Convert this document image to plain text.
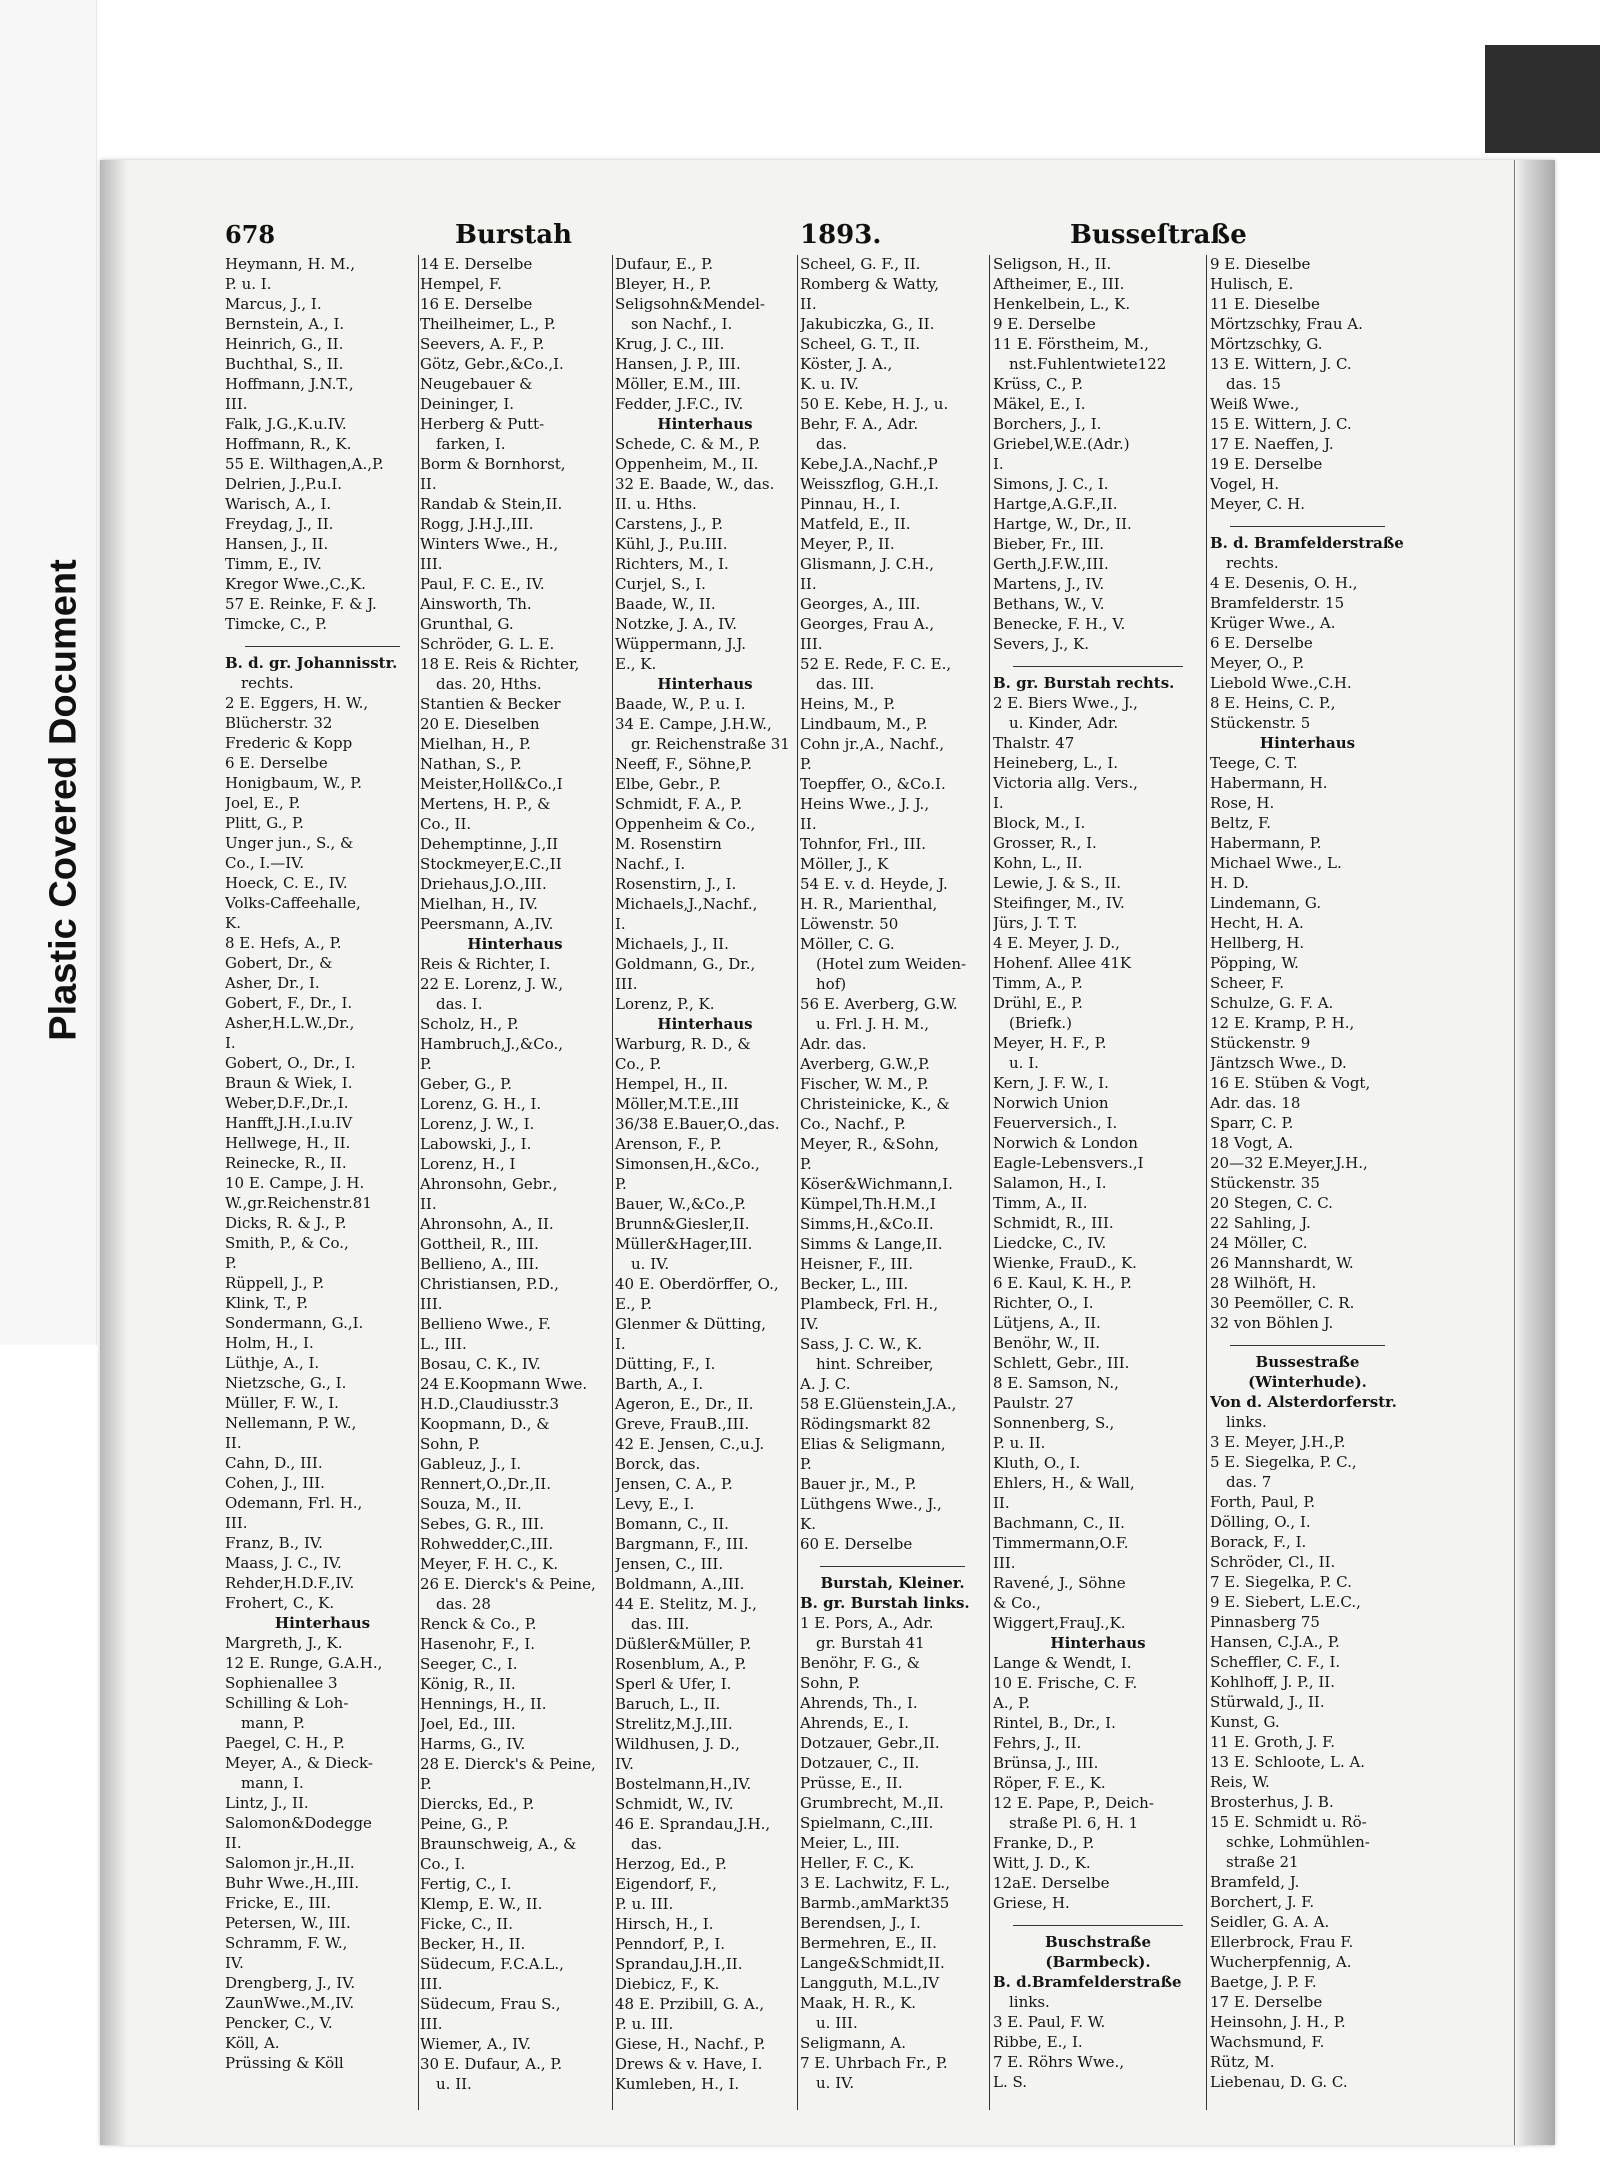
Plastic Covered Document
678	Burstah	1893.	Busseſtraße
Heymann, H. M.,
P. u. I.
Marcus, J., I.
Bernstein, A., I.
Heinrich, G., II.
Buchthal, S., II.
Hoffmann, J.N.T.,
III.
Falk, J.G.,K.u.IV.
Hoffmann, R., K.
55 E. Wilthagen,A.,P.
Delrien, J.,P.u.I.
Warisch, A., I.
Freydag, J., II.
Hansen, J., II.
Timm, E., IV.
Kregor Wwe.,C.,K.
57 E. Reinke, F. & J.
Timcke, C., P.
B. d. gr. Johannisstr.
rechts.
2 E. Eggers, H. W.,
Blücherstr. 32
Frederic & Kopp
6 E. Derselbe
Honigbaum, W., P.
Joel, E., P.
Plitt, G., P.
Unger jun., S., &
Co., I.—IV.
Hoeck, C. E., IV.
Volks-Caffeehalle,
K.
8 E. Hefs, A., P.
Gobert, Dr., &
Asher, Dr., I.
Gobert, F., Dr., I.
Asher,H.L.W.,Dr.,
I.
Gobert, O., Dr., I.
Braun & Wiek, I.
Weber,D.F.,Dr.,I.
Hanfft,J.H.,I.u.IV
Hellwege, H., II.
Reinecke, R., II.
10 E. Campe, J. H.
W.,gr.Reichenstr.81
Dicks, R. & J., P.
Smith, P., & Co.,
P.
Rüppell, J., P.
Klink, T., P.
Sondermann, G.,I.
Holm, H., I.
Lüthje, A., I.
Nietzsche, G., I.
Müller, F. W., I.
Nellemann, P. W.,
II.
Cahn, D., III.
Cohen, J., III.
Odemann, Frl. H.,
III.
Franz, B., IV.
Maass, J. C., IV.
Rehder,H.D.F.,IV.
Frohert, C., K.
Hinterhaus
Margreth, J., K.
12 E. Runge, G.A.H.,
Sophienallee 3
Schilling & Loh-
mann, P.
Paegel, C. H., P.
Meyer, A., & Dieck-
mann, I.
Lintz, J., II.
Salomon&Dodegge
II.
Salomon jr.,H.,II.
Buhr Wwe.,H.,III.
Fricke, E., III.
Petersen, W., III.
Schramm, F. W.,
IV.
Drengberg, J., IV.
ZaunWwe.,M.,IV.
Pencker, C., V.
Köll, A.
Prüssing & Köll
14 E. Derselbe
Hempel, F.
16 E. Derselbe
Theilheimer, L., P.
Seevers, A. F., P.
Götz, Gebr.,&Co.,I.
Neugebauer &
Deininger, I.
Herberg & Putt-
farken, I.
Borm & Bornhorst,
II.
Randab & Stein,II.
Rogg, J.H.J.,III.
Winters Wwe., H.,
III.
Paul, F. C. E., IV.
Ainsworth, Th.
Grunthal, G.
Schröder, G. L. E.
18 E. Reis & Richter,
das. 20, Hths.
Stantien & Becker
20 E. Dieselben
Mielhan, H., P.
Nathan, S., P.
Meister,Holl&Co.,I
Mertens, H. P., &
Co., II.
Dehemptinne, J.,II
Stockmeyer,E.C.,II
Driehaus,J.O.,III.
Mielhan, H., IV.
Peersmann, A.,IV.
Hinterhaus
Reis & Richter, I.
22 E. Lorenz, J. W.,
das. I.
Scholz, H., P.
Hambruch,J.,&Co.,
P.
Geber, G., P.
Lorenz, G. H., I.
Lorenz, J. W., I.
Labowski, J., I.
Lorenz, H., I
Ahronsohn, Gebr.,
II.
Ahronsohn, A., II.
Gottheil, R., III.
Bellieno, A., III.
Christiansen, P.D.,
III.
Bellieno Wwe., F.
L., III.
Bosau, C. K., IV.
24 E.Koopmann Wwe.
H.D.,Claudiusstr.3
Koopmann, D., &
Sohn, P.
Gableuz, J., I.
Rennert,O.,Dr.,II.
Souza, M., II.
Sebes, G. R., III.
Rohwedder,C.,III.
Meyer, F. H. C., K.
26 E. Dierck's & Peine,
das. 28
Renck & Co., P.
Hasenohr, F., I.
Seeger, C., I.
König, R., II.
Hennings, H., II.
Joel, Ed., III.
Harms, G., IV.
28 E. Dierck's & Peine,
P.
Diercks, Ed., P.
Peine, G., P.
Braunschweig, A., &
Co., I.
Fertig, C., I.
Klemp, E. W., II.
Ficke, C., II.
Becker, H., II.
Südecum, F.C.A.L.,
III.
Südecum, Frau S.,
III.
Wiemer, A., IV.
30 E. Dufaur, A., P.
u. II.
Dufaur, E., P.
Bleyer, H., P.
Seligsohn&Mendel-
son Nachf., I.
Krug, J. C., III.
Hansen, J. P., III.
Möller, E.M., III.
Fedder, J.F.C., IV.
Hinterhaus
Schede, C. & M., P.
Oppenheim, M., II.
32 E. Baade, W., das.
II. u. Hths.
Carstens, J., P.
Kühl, J., P.u.III.
Richters, M., I.
Curjel, S., I.
Baade, W., II.
Notzke, J. A., IV.
Wüppermann, J.J.
E., K.
Hinterhaus
Baade, W., P. u. I.
34 E. Campe, J.H.W.,
gr. Reichenstraße 31
Neeff, F., Söhne,P.
Elbe, Gebr., P.
Schmidt, F. A., P.
Oppenheim & Co.,
M. Rosenstirn
Nachf., I.
Rosenstirn, J., I.
Michaels,J.,Nachf.,
I.
Michaels, J., II.
Goldmann, G., Dr.,
III.
Lorenz, P., K.
Hinterhaus
Warburg, R. D., &
Co., P.
Hempel, H., II.
Möller,M.T.E.,III
36/38 E.Bauer,O.,das.
Arenson, F., P.
Simonsen,H.,&Co.,
P.
Bauer, W.,&Co.,P.
Brunn&Giesler,II.
Müller&Hager,III.
u. IV.
40 E. Oberdörffer, O.,
E., P.
Glenmer & Dütting,
I.
Dütting, F., I.
Barth, A., I.
Ageron, E., Dr., II.
Greve, FrauB.,III.
42 E. Jensen, C.,u.J.
Borck, das.
Jensen, C. A., P.
Levy, E., I.
Bomann, C., II.
Bargmann, F., III.
Jensen, C., III.
Boldmann, A.,III.
44 E. Stelitz, M. J.,
das. III.
Düßler&Müller, P.
Rosenblum, A., P.
Sperl & Ufer, I.
Baruch, L., II.
Strelitz,M.J.,III.
Wildhusen, J. D.,
IV.
Bostelmann,H.,IV.
Schmidt, W., IV.
46 E. Sprandau,J.H.,
das.
Herzog, Ed., P.
Eigendorf, F.,
P. u. III.
Hirsch, H., I.
Penndorf, P., I.
Sprandau,J.H.,II.
Diebicz, F., K.
48 E. Przibill, G. A.,
P. u. III.
Giese, H., Nachf., P.
Drews & v. Have, I.
Kumleben, H., I.
Scheel, G. F., II.
Romberg & Watty,
II.
Jakubiczka, G., II.
Scheel, G. T., II.
Köster, J. A.,
K. u. IV.
50 E. Kebe, H. J., u.
Behr, F. A., Adr.
das.
Kebe,J.A.,Nachf.,P
Weisszflog, G.H.,I.
Pinnau, H., I.
Matfeld, E., II.
Meyer, P., II.
Glismann, J. C.H.,
II.
Georges, A., III.
Georges, Frau A.,
III.
52 E. Rede, F. C. E.,
das. III.
Heins, M., P.
Lindbaum, M., P.
Cohn jr.,A., Nachf.,
P.
Toepffer, O., &Co.I.
Heins Wwe., J. J.,
II.
Tohnfor, Frl., III.
Möller, J., K
54 E. v. d. Heyde, J.
H. R., Marienthal,
Löwenstr. 50
Möller, C. G.
(Hotel zum Weiden-
hof)
56 E. Averberg, G.W.
u. Frl. J. H. M.,
Adr. das.
Averberg, G.W.,P.
Fischer, W. M., P.
Christeinicke, K., &
Co., Nachf., P.
Meyer, R., &Sohn,
P.
Köser&Wichmann,I.
Kümpel,Th.H.M.,I
Simms,H.,&Co.II.
Simms & Lange,II.
Heisner, F., III.
Becker, L., III.
Plambeck, Frl. H.,
IV.
Sass, J. C. W., K.
hint. Schreiber,
A. J. C.
58 E.Glüenstein,J.A.,
Rödingsmarkt 82
Elias & Seligmann,
P.
Bauer jr., M., P.
Lüthgens Wwe., J.,
K.
60 E. Derselbe
Burstah, Kleiner.
B. gr. Burstah links.
1 E. Pors, A., Adr.
gr. Burstah 41
Benöhr, F. G., &
Sohn, P.
Ahrends, Th., I.
Ahrends, E., I.
Dotzauer, Gebr.,II.
Dotzauer, C., II.
Prüsse, E., II.
Grumbrecht, M.,II.
Spielmann, C.,III.
Meier, L., III.
Heller, F. C., K.
3 E. Lachwitz, F. L.,
Barmb.,amMarkt35
Berendsen, J., I.
Bermehren, E., II.
Lange&Schmidt,II.
Langguth, M.L.,IV
Maak, H. R., K.
u. III.
Seligmann, A.
7 E. Uhrbach Fr., P.
u. IV.
Seligson, H., II.
Aftheimer, E., III.
Henkelbein, L., K.
9 E. Derselbe
11 E. Förstheim, M.,
nst.Fuhlentwiete122
Krüss, C., P.
Mäkel, E., I.
Borchers, J., I.
Griebel,W.E.(Adr.)
I.
Simons, J. C., I.
Hartge,A.G.F.,II.
Hartge, W., Dr., II.
Bieber, Fr., III.
Gerth,J.F.W.,III.
Martens, J., IV.
Bethans, W., V.
Benecke, F. H., V.
Severs, J., K.
B. gr. Burstah rechts.
2 E. Biers Wwe., J.,
u. Kinder, Adr.
Thalstr. 47
Heineberg, L., I.
Victoria allg. Vers.,
I.
Block, M., I.
Grosser, R., I.
Kohn, L., II.
Lewie, J. & S., II.
Steifinger, M., IV.
Jürs, J. T. T.
4 E. Meyer, J. D.,
Hohenf. Allee 41K
Timm, A., P.
Drühl, E., P.
(Briefk.)
Meyer, H. F., P.
u. I.
Kern, J. F. W., I.
Norwich Union
Feuerversich., I.
Norwich & London
Eagle-Lebensvers.,I
Salamon, H., I.
Timm, A., II.
Schmidt, R., III.
Liedcke, C., IV.
Wienke, FrauD., K.
6 E. Kaul, K. H., P.
Richter, O., I.
Lütjens, A., II.
Benöhr, W., II.
Schlett, Gebr., III.
8 E. Samson, N.,
Paulstr. 27
Sonnenberg, S.,
P. u. II.
Kluth, O., I.
Ehlers, H., & Wall,
II.
Bachmann, C., II.
Timmermann,O.F.
III.
Ravené, J., Söhne
& Co.,
Wiggert,FrauJ.,K.
Hinterhaus
Lange & Wendt, I.
10 E. Frische, C. F.
A., P.
Rintel, B., Dr., I.
Fehrs, J., II.
Brünsa, J., III.
Röper, F. E., K.
12 E. Pape, P., Deich-
straße Pl. 6, H. 1
Franke, D., P.
Witt, J. D., K.
12aE. Derselbe
Griese, H.
Buschstraße
(Barmbeck).
B. d.Bramfelderstraße
links.
3 E. Paul, F. W.
Ribbe, E., I.
7 E. Röhrs Wwe.,
L. S.
9 E. Dieselbe
Hulisch, E.
11 E. Dieselbe
Mörtzschky, Frau A.
Mörtzschky, G.
13 E. Wittern, J. C.
das. 15
Weiß Wwe.,
15 E. Wittern, J. C.
17 E. Naeffen, J.
19 E. Derselbe
Vogel, H.
Meyer, C. H.
B. d. Bramfelderstraße
rechts.
4 E. Desenis, O. H.,
Bramfelderstr. 15
Krüger Wwe., A.
6 E. Derselbe
Meyer, O., P.
Liebold Wwe.,C.H.
8 E. Heins, C. P.,
Stückenstr. 5
Hinterhaus
Teege, C. T.
Habermann, H.
Rose, H.
Beltz, F.
Habermann, P.
Michael Wwe., L.
H. D.
Lindemann, G.
Hecht, H. A.
Hellberg, H.
Pöpping, W.
Scheer, F.
Schulze, G. F. A.
12 E. Kramp, P. H.,
Stückenstr. 9
Jäntzsch Wwe., D.
16 E. Stüben & Vogt,
Adr. das. 18
Sparr, C. P.
18 Vogt, A.
20—32 E.Meyer,J.H.,
Stückenstr. 35
20 Stegen, C. C.
22 Sahling, J.
24 Möller, C.
26 Mannshardt, W.
28 Wilhöft, H.
30 Peemöller, C. R.
32 von Böhlen J.
Bussestraße
(Winterhude).
Von d. Alsterdorferstr.
links.
3 E. Meyer, J.H.,P.
5 E. Siegelka, P. C.,
das. 7
Forth, Paul, P.
Dölling, O., I.
Borack, F., I.
Schröder, Cl., II.
7 E. Siegelka, P. C.
9 E. Siebert, L.E.C.,
Pinnasberg 75
Hansen, C.J.A., P.
Scheffler, C. F., I.
Kohlhoff, J. P., II.
Stürwald, J., II.
Kunst, G.
11 E. Groth, J. F.
13 E. Schloote, L. A.
Reis, W.
Brosterhus, J. B.
15 E. Schmidt u. Rö-
schke, Lohmühlen-
straße 21
Bramfeld, J.
Borchert, J. F.
Seidler, G. A. A.
Ellerbrock, Frau F.
Wucherpfennig, A.
Baetge, J. P. F.
17 E. Derselbe
Heinsohn, J. H., P.
Wachsmund, F.
Rütz, M.
Liebenau, D. G. C.
